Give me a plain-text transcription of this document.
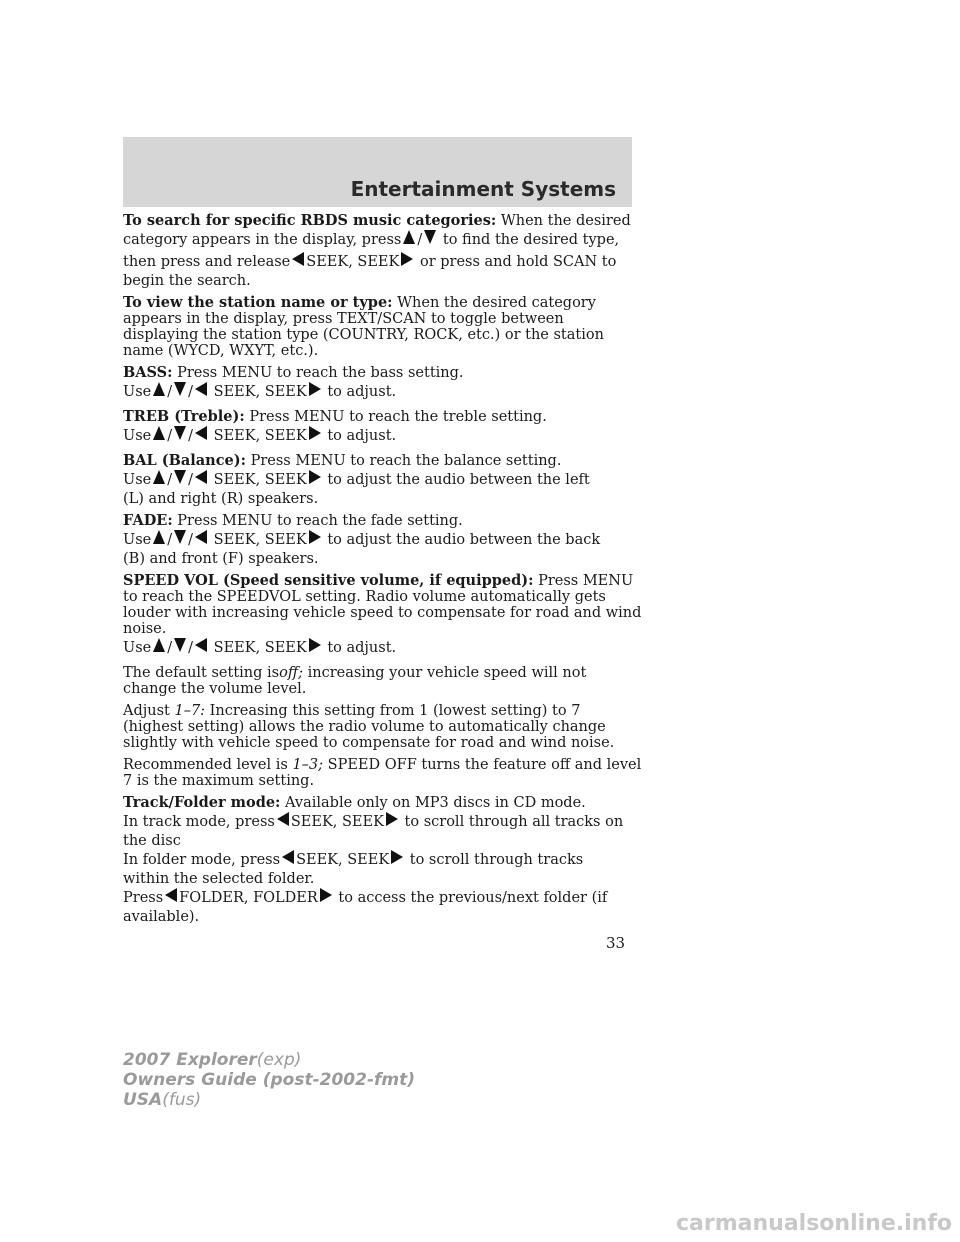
Entertainment Systems
To search for specific RBDS music categories: When the desired
category appears in the display, press / to find the desired type,
then press and release SEEK, SEEK or press and hold SCAN to
begin the search.
To view the station name or type: When the desired category appears in the display, press TEXT/SCAN to toggle between displaying the station type (COUNTRY, ROCK, etc.) or the station name (WYCD, WXYT, etc.).
BASS: Press MENU to reach the bass setting.
Use / / SEEK, SEEK to adjust.
TREB (Treble): Press MENU to reach the treble setting.
Use / / SEEK, SEEK to adjust.
BAL (Balance): Press MENU to reach the balance setting.
Use / / SEEK, SEEK to adjust the audio between the left
(L) and right (R) speakers.
FADE: Press MENU to reach the fade setting.
Use / / SEEK, SEEK to adjust the audio between the back
(B) and front (F) speakers.
SPEED VOL (Speed sensitive volume, if equipped): Press MENU to reach the SPEEDVOL setting. Radio volume automatically gets louder with increasing vehicle speed to compensate for road and wind noise.
Use / / SEEK, SEEK to adjust.
The default setting isoff; increasing your vehicle speed will not change the volume level.
Adjust 1–7: Increasing this setting from 1 (lowest setting) to 7 (highest setting) allows the radio volume to automatically change slightly with vehicle speed to compensate for road and wind noise.
Recommended level is 1–3; SPEED OFF turns the feature off and level 7 is the maximum setting.
Track/Folder mode: Available only on MP3 discs in CD mode.
In track mode, press SEEK, SEEK to scroll through all tracks on
the disc
In folder mode, press SEEK, SEEK to scroll through tracks
within the selected folder.
Press FOLDER, FOLDER to access the previous/next folder (if
available).
33
2007 Explorer(exp)
Owners Guide (post-2002-fmt)
USA(fus)
carmanualsonline.info
